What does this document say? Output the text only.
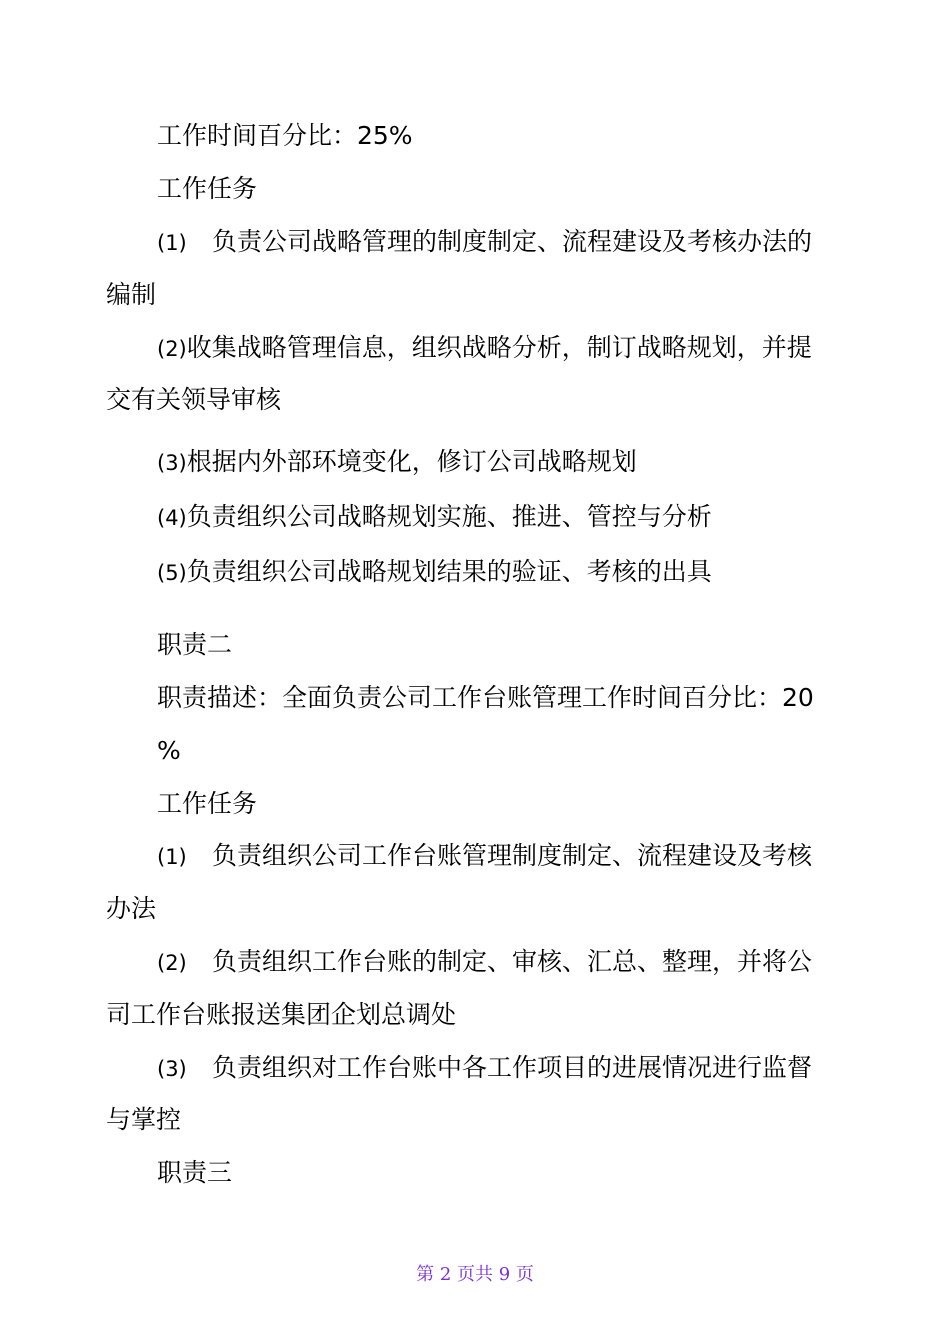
工作时间百分比：25%
工作任务
(1) 负责公司战略管理的制度制定、流程建设及考核办法的
编制
(2)收集战略管理信息，组织战略分析，制订战略规划，并提
交有关领导审核
(3)根据内外部环境变化，修订公司战略规划
(4)负责组织公司战略规划实施、推进、管控与分析
(5)负责组织公司战略规划结果的验证、考核的出具
职责二
职责描述：全面负责公司工作台账管理工作时间百分比：20
%
工作任务
(1) 负责组织公司工作台账管理制度制定、流程建设及考核
办法
(2) 负责组织工作台账的制定、审核、汇总、整理，并将公
司工作台账报送集团企划总调处
(3) 负责组织对工作台账中各工作项目的进展情况进行监督
与掌控
职责三
第 2 页共 9 页
